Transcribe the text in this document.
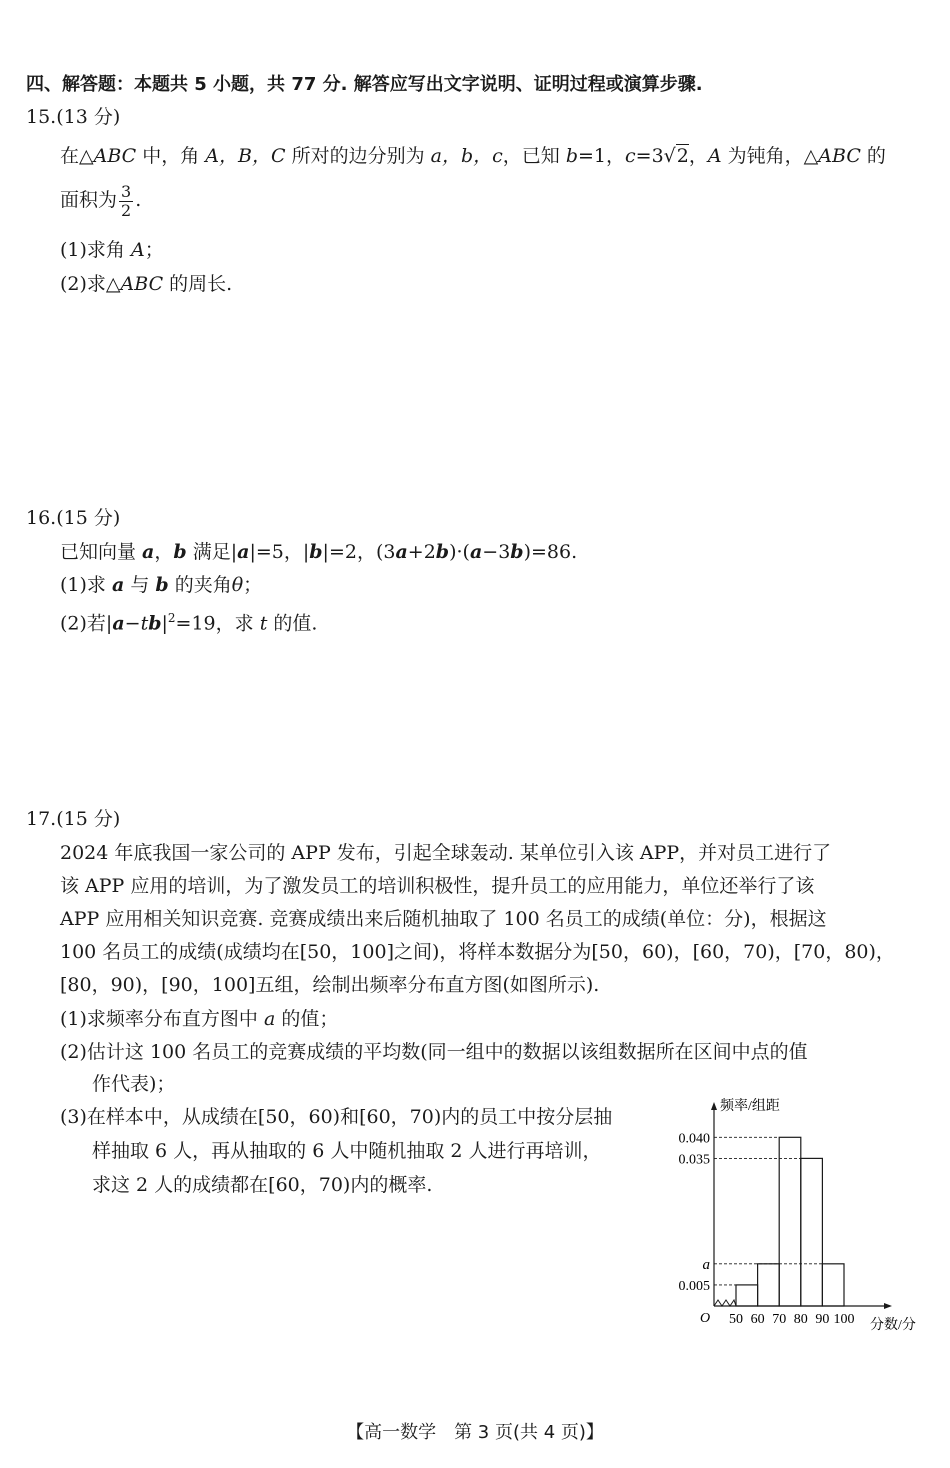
四、解答题：本题共 5 小题，共 77 分. 解答应写出文字说明、证明过程或演算步骤.
15.(13 分)
在△ABC 中，角 A，B，C 所对的边分别为 a，b，c，已知 b=1，c=3√2，A 为钝角，△ABC 的
面积为 $\frac{3}{2}$ .
(1)求角 A；
(2)求△ABC 的周长.
16.(15 分)
已知向量 a，b 满足|a|=5，|b|=2，(3a+2b)·(a−3b)=86.
(1)求 a 与 b 的夹角θ；
(2)若$|a-tb|^2=19$，求 t 的值.
17.(15 分)
2024 年底我国一家公司的 APP 发布，引起全球轰动. 某单位引入该 APP，并对员工进行了
该 APP 应用的培训，为了激发员工的培训积极性，提升员工的应用能力，单位还举行了该
APP 应用相关知识竞赛. 竞赛成绩出来后随机抽取了 100 名员工的成绩(单位：分)，根据这
100 名员工的成绩(成绩均在[50，100]之间)，将样本数据分为[50，60)，[60，70)，[70，80)，
[80，90)，[90，100]五组，绘制出频率分布直方图(如图所示).
(1)求频率分布直方图中 a 的值；
(2)估计这 100 名员工的竞赛成绩的平均数(同一组中的数据以该组数据所在区间中点的值
作代表)；
(3)在样本中，从成绩在[50，60)和[60，70)内的员工中按分层抽
样抽取 6 人，再从抽取的 6 人中随机抽取 2 人进行再培训，
求这 2 人的成绩都在[60，70)内的概率.
频率/组距
分数/分
O
0.005
a
0.035
0.040
50 60 70 80 90 100
【高一数学　第 3 页(共 4 页)】
